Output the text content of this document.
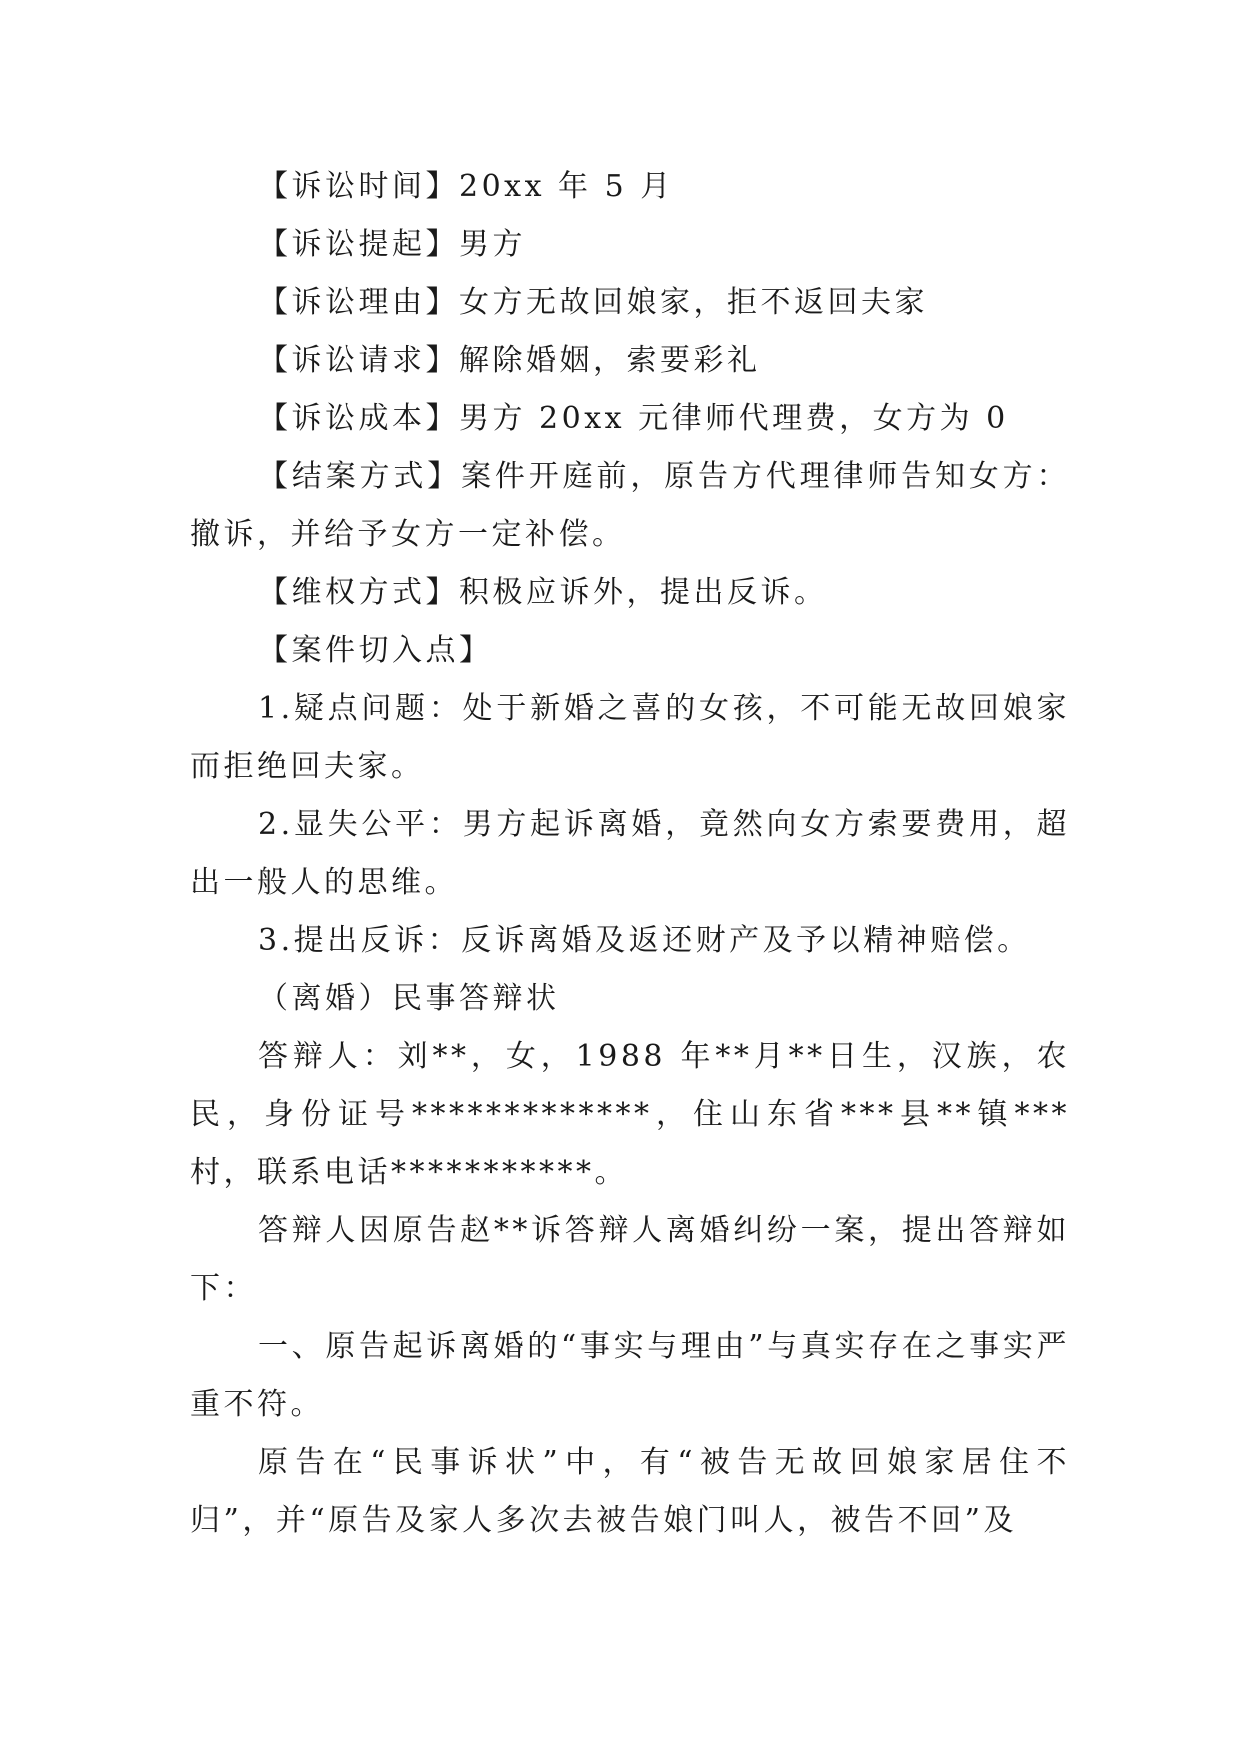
【诉讼时间】20xx 年 5 月

【诉讼提起】男方

【诉讼理由】女方无故回娘家，拒不返回夫家

【诉讼请求】解除婚姻，索要彩礼

【诉讼成本】男方 20xx 元律师代理费，女方为 0

【结案方式】案件开庭前，原告方代理律师告知女方：撤诉，并给予女方一定补偿。

【维权方式】积极应诉外，提出反诉。

【案件切入点】

1.疑点问题：处于新婚之喜的女孩，不可能无故回娘家而拒绝回夫家。

2.显失公平：男方起诉离婚，竟然向女方索要费用，超出一般人的思维。

3.提出反诉：反诉离婚及返还财产及予以精神赔偿。

（离婚）民事答辩状

答辩人：刘**，女，1988 年**月**日生，汉族，农民，身份证号*************，住山东省***县**镇***村，联系电话***********。

答辩人因原告赵**诉答辩人离婚纠纷一案，提出答辩如下：

一、原告起诉离婚的“事实与理由”与真实存在之事实严重不符。

原告在“民事诉状”中，有“被告无故回娘家居住不归”，并“原告及家人多次去被告娘门叫人，被告不回”及
